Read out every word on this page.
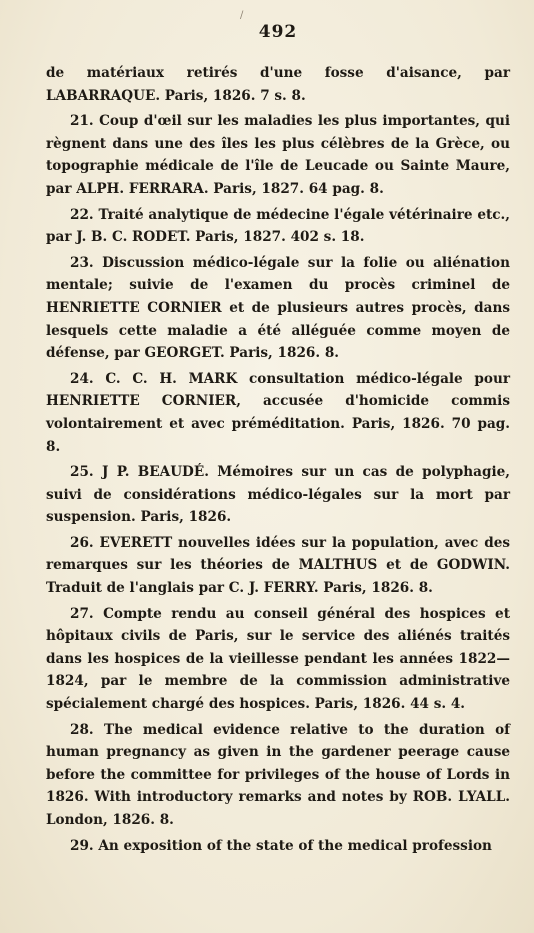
/
492

de matériaux retirés d'une fosse d'aisance, par LABARRAQUE. Paris, 1826. 7 s. 8.

21. Coup d'œil sur les maladies les plus importantes, qui règnent dans une des îles les plus célèbres de la Grèce, ou topographie médicale de l'île de Leucade ou Sainte Maure, par ALPH. FERRARA. Paris, 1827. 64 pag. 8.

22. Traité analytique de médecine l'égale vétérinaire etc., par J. B. C. RODET. Paris, 1827. 402 s. 18.

23. Discussion médico-légale sur la folie ou aliénation mentale; suivie de l'examen du procès criminel de HENRIETTE CORNIER et de plusieurs autres procès, dans lesquels cette maladie a été alléguée comme moyen de défense, par GEORGET. Paris, 1826. 8.

24. C. C. H. MARK consultation médico-légale pour HENRIETTE CORNIER, accusée d'homicide commis volontairement et avec préméditation. Paris, 1826. 70 pag. 8.

25. J P. BEAUDÉ. Mémoires sur un cas de polyphagie, suivi de considérations médico-légales sur la mort par suspension. Paris, 1826.

26. EVERETT nouvelles idées sur la population, avec des remarques sur les théories de MALTHUS et de GODWIN. Traduit de l'anglais par C. J. FERRY. Paris, 1826. 8.

27. Compte rendu au conseil général des hospices et hôpitaux civils de Paris, sur le service des aliénés traités dans les hospices de la vieillesse pendant les années 1822—1824, par le membre de la commission administrative spécialement chargé des hospices. Paris, 1826. 44 s. 4.

28. The medical evidence relative to the duration of human pregnancy as given in the gardener peerage cause before the committee for privileges of the house of Lords in 1826. With introductory remarks and notes by ROB. LYALL. London, 1826. 8.

29. An exposition of the state of the medical profession
